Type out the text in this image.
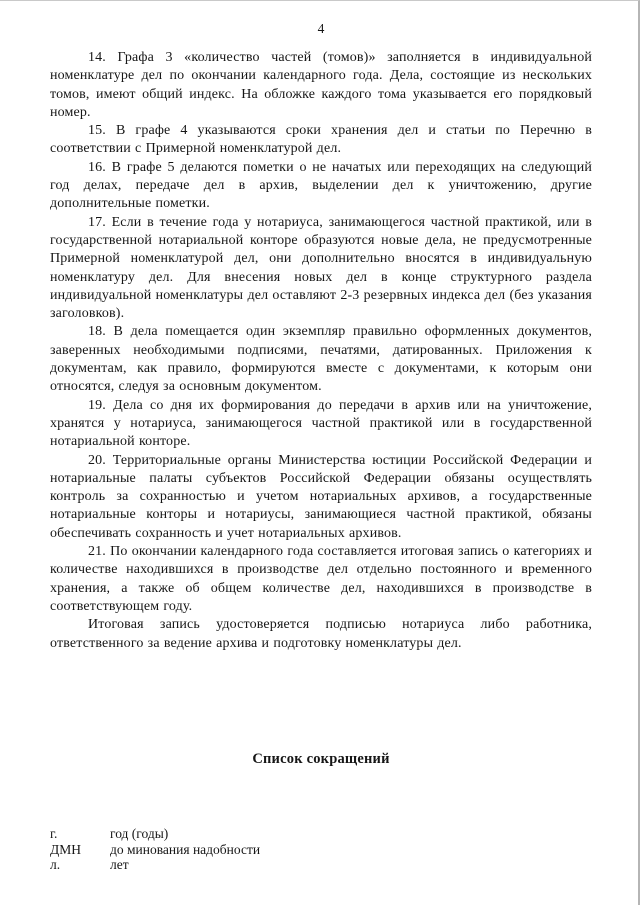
4

14. Графа 3 «количество частей (томов)» заполняется в индивидуальной номенклатуре дел по окончании календарного года. Дела, состоящие из нескольких томов, имеют общий индекс. На обложке каждого тома указывается его порядковый номер.

15. В графе 4 указываются сроки хранения дел и статьи по Перечню в соответствии с Примерной номенклатурой дел.

16. В графе 5 делаются пометки о не начатых или переходящих на следующий год делах, передаче дел в архив, выделении дел к уничтожению, другие дополнительные пометки.

17. Если в течение года у нотариуса, занимающегося частной практикой, или в государственной нотариальной конторе образуются новые дела, не предусмотренные Примерной номенклатурой дел, они дополнительно вносятся в индивидуальную номенклатуру дел. Для внесения новых дел в конце структурного раздела индивидуальной номенклатуры дел оставляют 2-3 резервных индекса дел (без указания заголовков).

18. В дела помещается один экземпляр правильно оформленных документов, заверенных необходимыми подписями, печатями, датированных. Приложения к документам, как правило, формируются вместе с документами, к которым они относятся, следуя за основным документом.

19. Дела со дня их формирования до передачи в архив или на уничтожение, хранятся у нотариуса, занимающегося частной практикой или в государственной нотариальной конторе.

20. Территориальные органы Министерства юстиции Российской Федерации и нотариальные палаты субъектов Российской Федерации обязаны осуществлять контроль за сохранностью и учетом нотариальных архивов, а государственные нотариальные конторы и нотариусы, занимающиеся частной практикой, обязаны обеспечивать сохранность и учет нотариальных архивов.

21. По окончании календарного года составляется итоговая запись о категориях и количестве находившихся в производстве дел отдельно постоянного и временного хранения, а также об общем количестве дел, находившихся в производстве в соответствующем году.

Итоговая запись удостоверяется подписью нотариуса либо работника, ответственного за ведение архива и подготовку номенклатуры дел.

Список сокращений
г.	год (годы)
ДМН	до минования надобности
л.	лет
